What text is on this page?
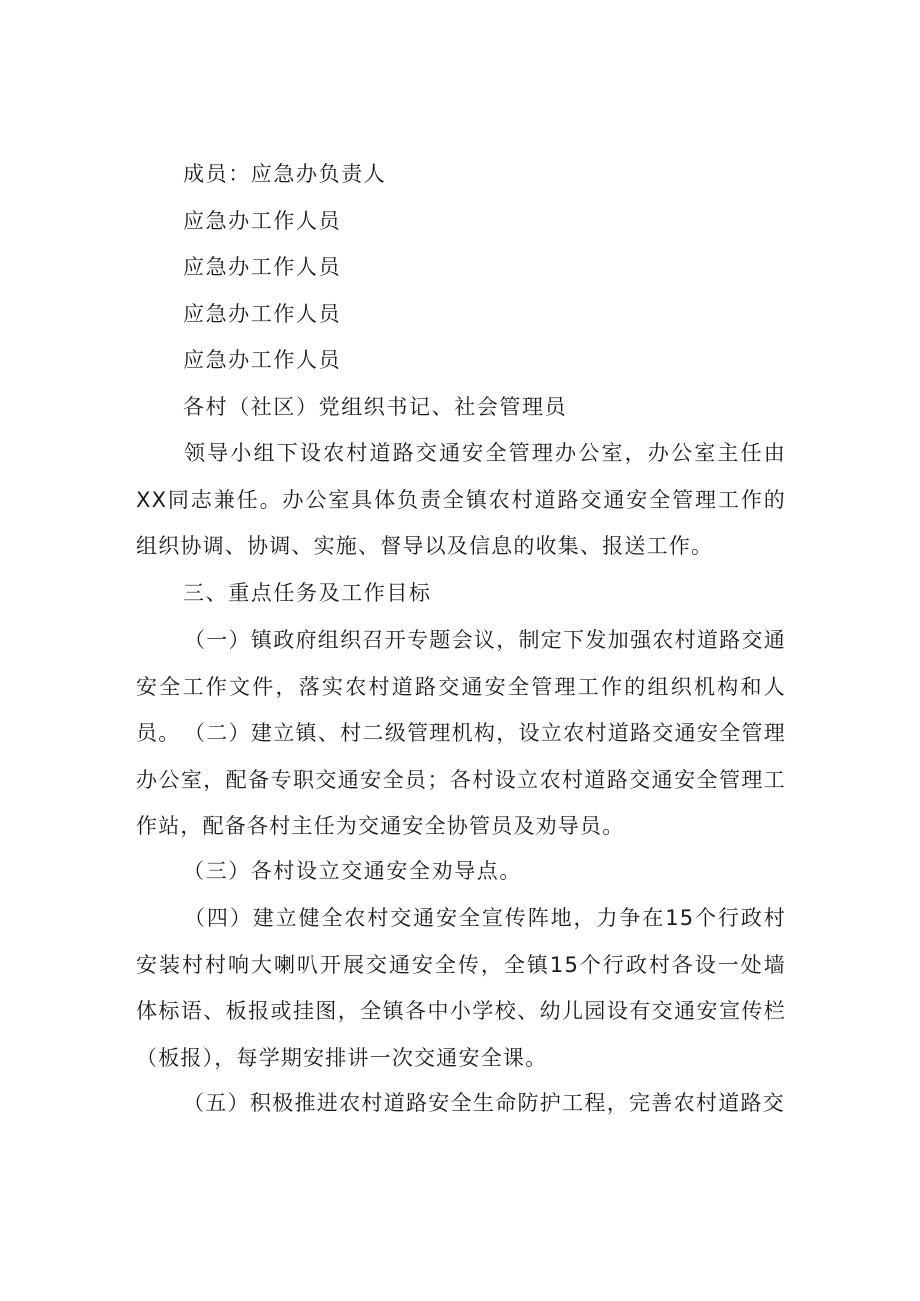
成员：应急办负责人

应急办工作人员

应急办工作人员

应急办工作人员

应急办工作人员

各村（社区）党组织书记、社会管理员

领导小组下设农村道路交通安全管理办公室，办公室主任由XX同志兼任。办公室具体负责全镇农村道路交通安全管理工作的组织协调、协调、实施、督导以及信息的收集、报送工作。

三、重点任务及工作目标

（一）镇政府组织召开专题会议，制定下发加强农村道路交通安全工作文件，落实农村道路交通安全管理工作的组织机构和人员。 （二）建立镇、村二级管理机构，设立农村道路交通安全管理办公室，配备专职交通安全员；各村设立农村道路交通安全管理工作站，配备各村主任为交通安全协管员及劝导员。

（三）各村设立交通安全劝导点。

（四）建立健全农村交通安全宣传阵地，力争在15个行政村安装村村响大喇叭开展交通安全传，全镇15个行政村各设一处墙体标语、板报或挂图，全镇各中小学校、幼儿园设有交通安宣传栏（板报），每学期安排讲一次交通安全课。

（五）积极推进农村道路安全生命防护工程，完善农村道路交
